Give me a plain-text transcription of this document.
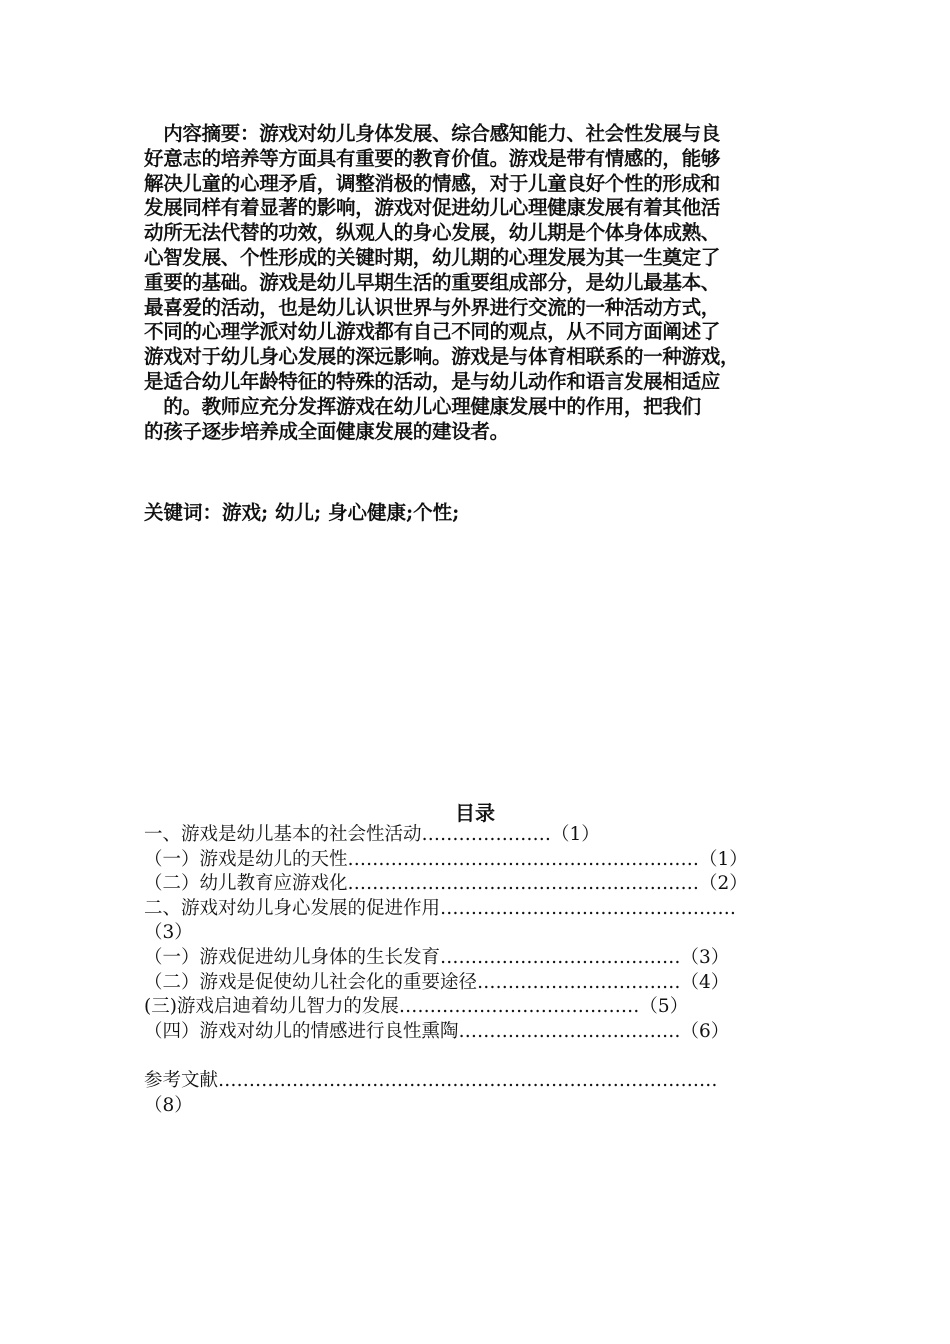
　内容摘要：游戏对幼儿身体发展、综合感知能力、社会性发展与良
好意志的培养等方面具有重要的教育价值。游戏是带有情感的，能够
解决儿童的心理矛盾，调整消极的情感，对于儿童良好个性的形成和
发展同样有着显著的影响，游戏对促进幼儿心理健康发展有着其他活
动所无法代替的功效，纵观人的身心发展，幼儿期是个体身体成熟、
心智发展、个性形成的关键时期，幼儿期的心理发展为其一生奠定了
重要的基础。游戏是幼儿早期生活的重要组成部分，是幼儿最基本、
最喜爱的活动，也是幼儿认识世界与外界进行交流的一种活动方式，
不同的心理学派对幼儿游戏都有自己不同的观点，从不同方面阐述了
游戏对于幼儿身心发展的深远影响。游戏是与体育相联系的一种游戏，
是适合幼儿年龄特征的特殊的活动，是与幼儿动作和语言发展相适应
　的。教师应充分发挥游戏在幼儿心理健康发展中的作用，把我们
的孩子逐步培养成全面健康发展的建设者。
关键词：游戏; 幼儿; 身心健康;个性;
目录
一、游戏是幼儿基本的社会性活动…………………（1）
（一）游戏是幼儿的天性…………………………………………………（1）
（二）幼儿教育应游戏化…………………………………………………（2）
二、游戏对幼儿身心发展的促进作用…………………………………………
（3）
（一）游戏促进幼儿身体的生长发育…………………………………（3）
（二）游戏是促使幼儿社会化的重要途径……………………………（4）
(三)游戏启迪着幼儿智力的发展…………………………………（5）
（四）游戏对幼儿的情感进行良性熏陶………………………………（6）
参考文献………………………………………………………………………
（8）
